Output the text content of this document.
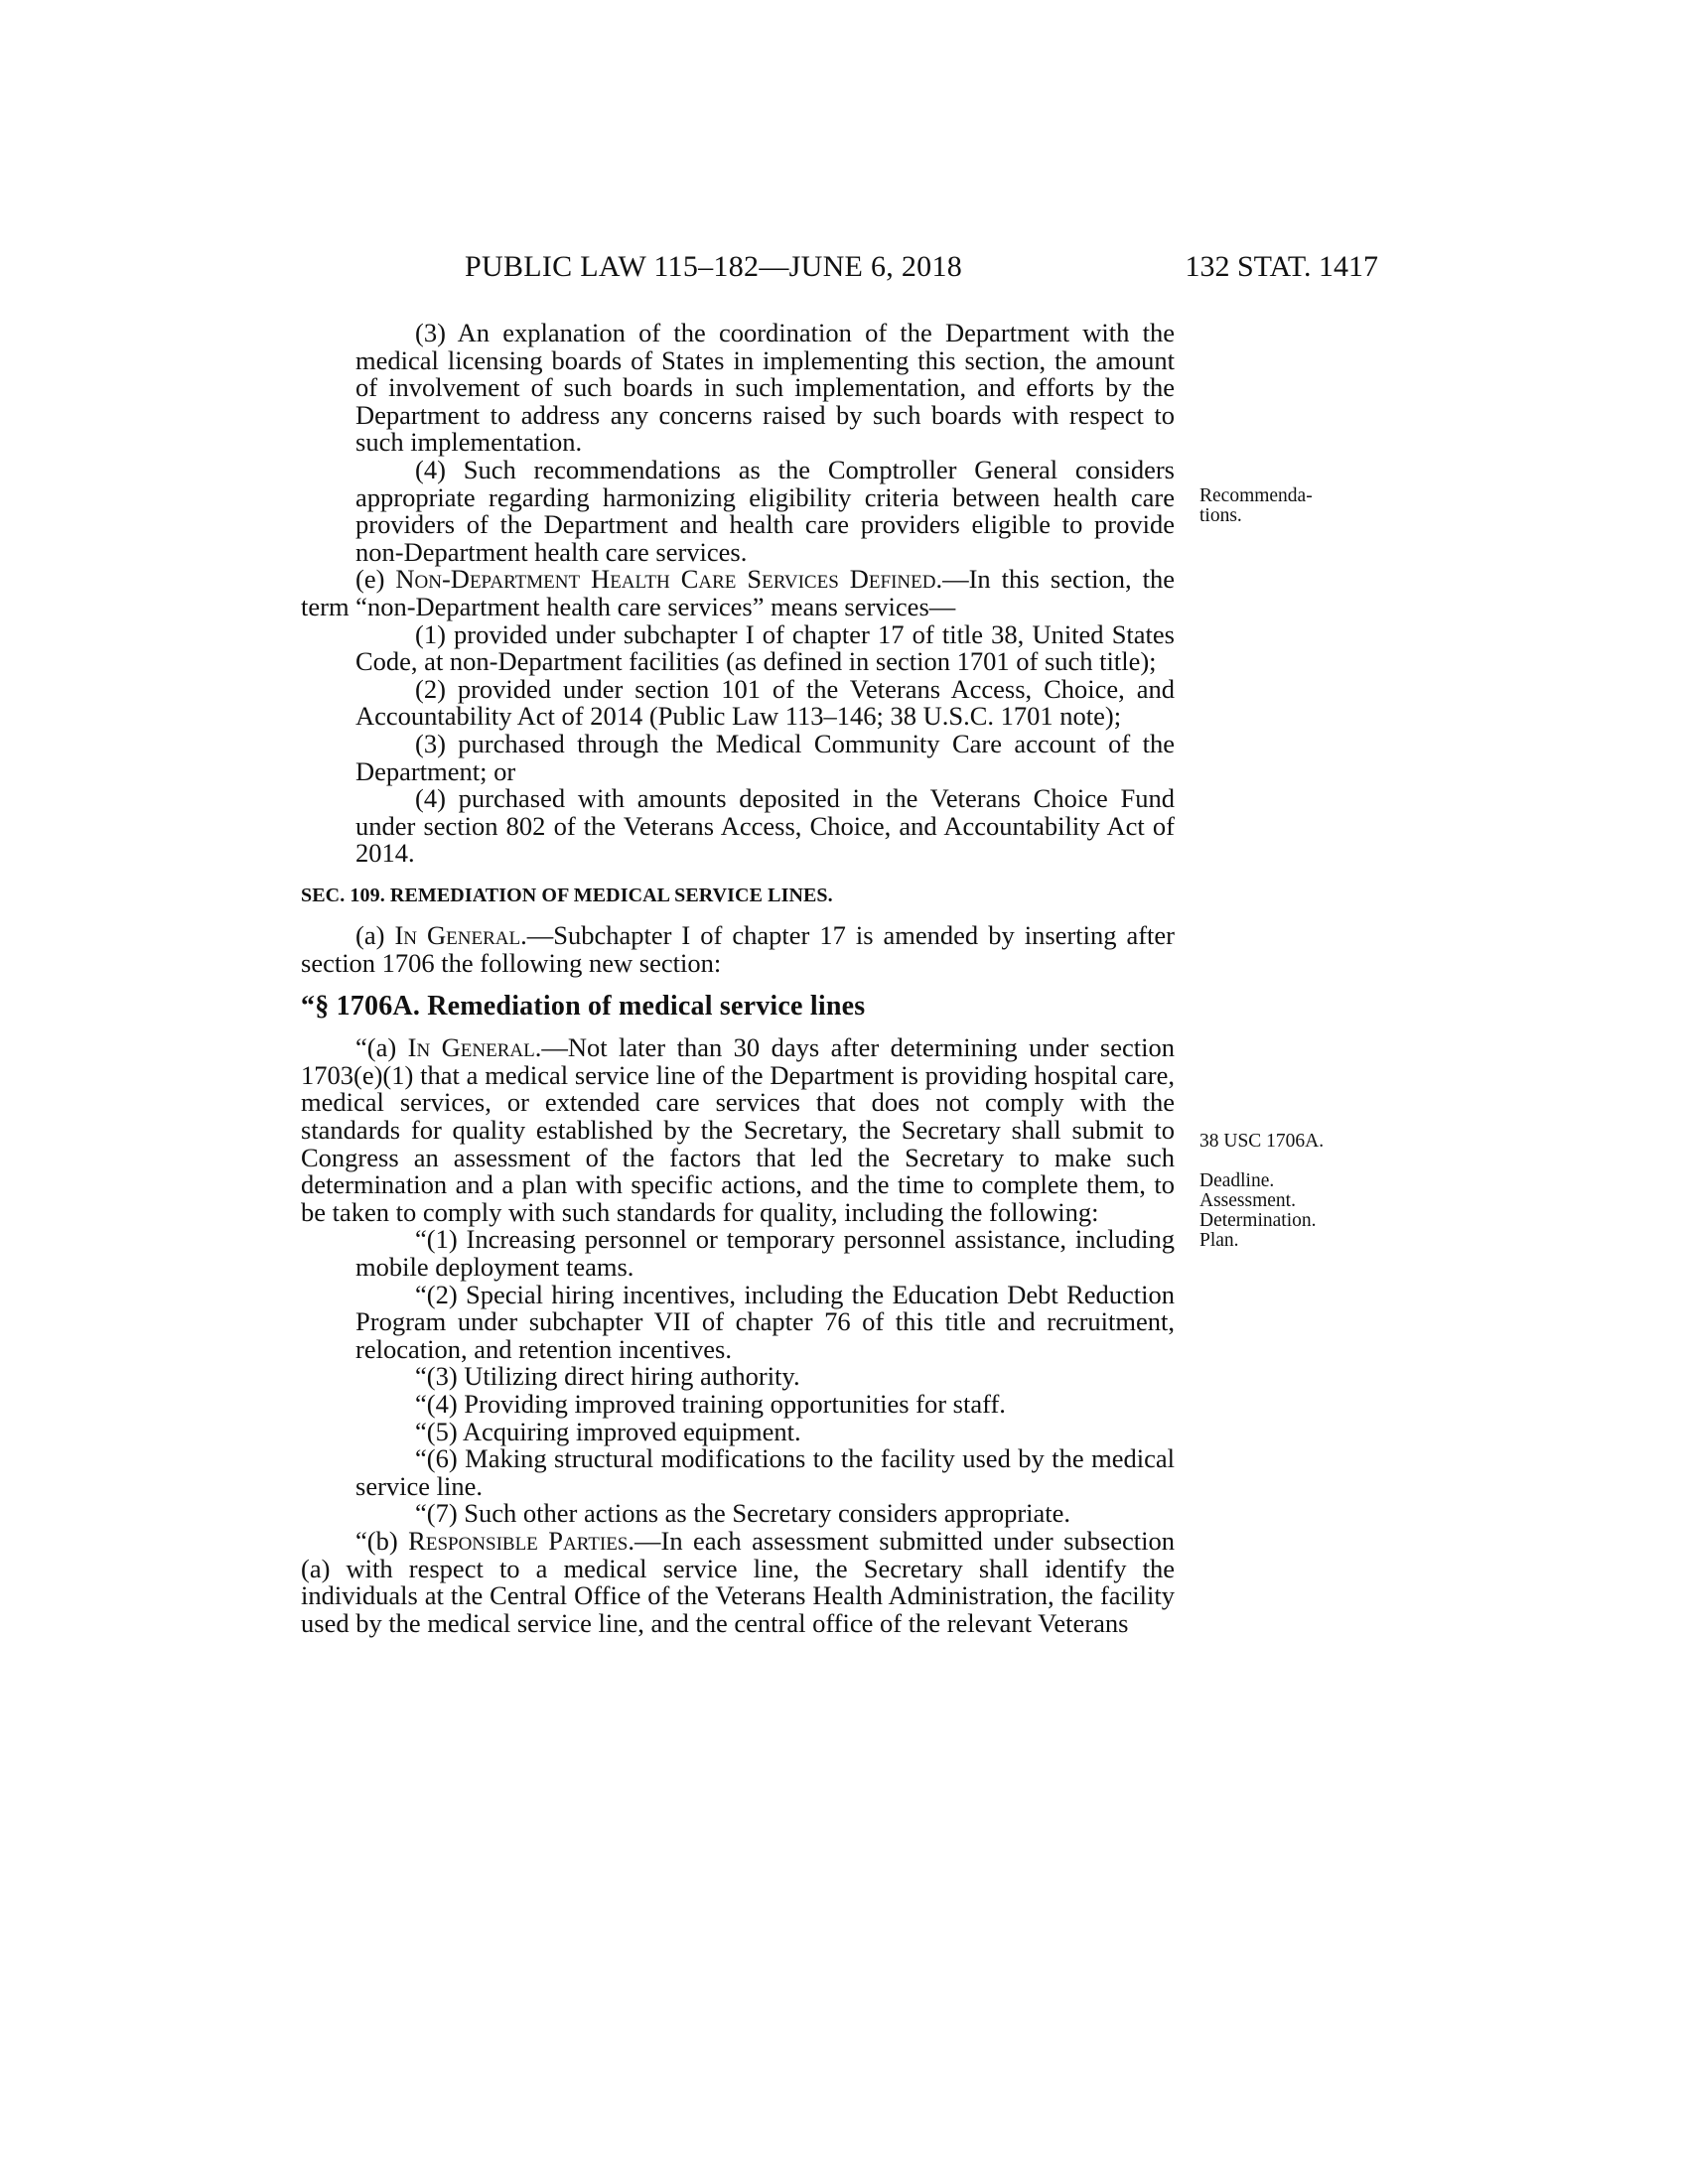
PUBLIC LAW 115–182—JUNE 6, 2018	132 STAT. 1417
Recommenda-
tions.
38 USC 1706A.
Deadline.
Assessment.
Determination.
Plan.

(3) An explanation of the coordination of the Department with the medical licensing boards of States in implementing this section, the amount of involvement of such boards in such implementation, and efforts by the Department to address any concerns raised by such boards with respect to such implementation.

(4) Such recommendations as the Comptroller General considers appropriate regarding harmonizing eligibility criteria between health care providers of the Department and health care providers eligible to provide non-Department health care services.

(e) Non-Department Health Care Services Defined.—In this section, the term “non-Department health care services” means services—

(1) provided under subchapter I of chapter 17 of title 38, United States Code, at non-Department facilities (as defined in section 1701 of such title);

(2) provided under section 101 of the Veterans Access, Choice, and Accountability Act of 2014 (Public Law 113–146; 38 U.S.C. 1701 note);

(3) purchased through the Medical Community Care account of the Department; or

(4) purchased with amounts deposited in the Veterans Choice Fund under section 802 of the Veterans Access, Choice, and Accountability Act of 2014.

SEC. 109. REMEDIATION OF MEDICAL SERVICE LINES.

(a) In General.—Subchapter I of chapter 17 is amended by inserting after section 1706 the following new section:

“§ 1706A. Remediation of medical service lines

“(a) In General.—Not later than 30 days after determining under section 1703(e)(1) that a medical service line of the Department is providing hospital care, medical services, or extended care services that does not comply with the standards for quality established by the Secretary, the Secretary shall submit to Congress an assessment of the factors that led the Secretary to make such determination and a plan with specific actions, and the time to complete them, to be taken to comply with such standards for quality, including the following:

“(1) Increasing personnel or temporary personnel assistance, including mobile deployment teams.

“(2) Special hiring incentives, including the Education Debt Reduction Program under subchapter VII of chapter 76 of this title and recruitment, relocation, and retention incentives.

“(3) Utilizing direct hiring authority.

“(4) Providing improved training opportunities for staff.

“(5) Acquiring improved equipment.

“(6) Making structural modifications to the facility used by the medical service line.

“(7) Such other actions as the Secretary considers appropriate.

“(b) Responsible Parties.—In each assessment submitted under subsection (a) with respect to a medical service line, the Secretary shall identify the individuals at the Central Office of the Veterans Health Administration, the facility used by the medical service line, and the central office of the relevant Veterans
